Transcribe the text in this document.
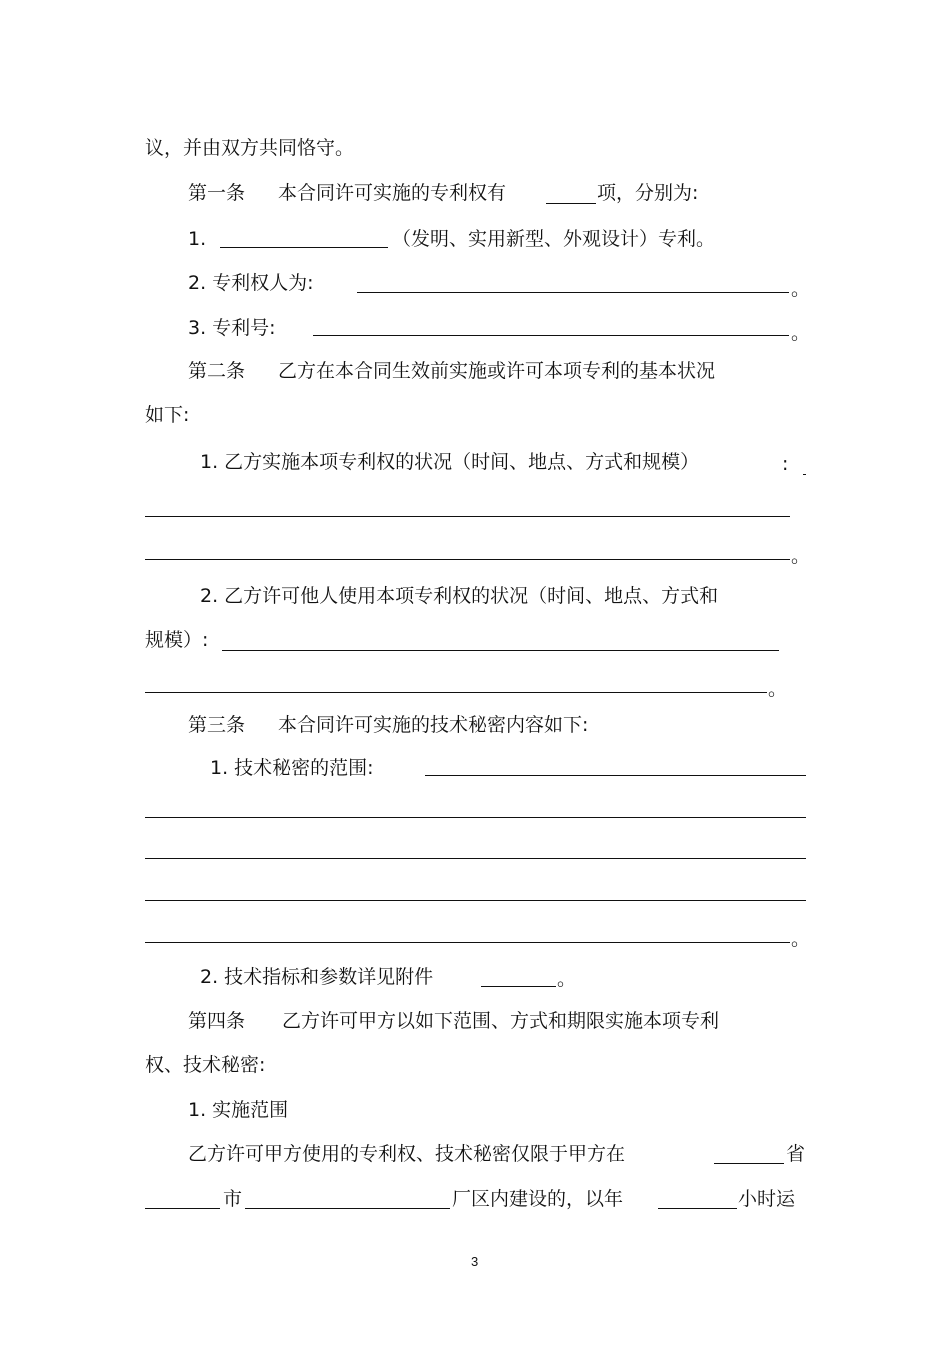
议，并由双方共同恪守。

第一条 本合同许可实施的专利权有	项，分别为:

1.	（发明、实用新型、外观设计）专利。

2. 专利权人为:	。

3. 专利号:	。

第二条 乙方在本合同生效前实施或许可本项专利的基本状况

如下:

1. 乙方实施本项专利权的状况（时间、地点、方式和规模）	:

。

2. 乙方许可他人使用本项专利权的状况（时间、地点、方式和

规模）:

。

第三条 本合同许可实施的技术秘密内容如下:

1. 技术秘密的范围:

。

2. 技术指标和参数详见附件	。

第四条 乙方许可甲方以如下范围、方式和期限实施本项专利

权、技术秘密:

1. 实施范围

乙方许可甲方使用的专利权、技术秘密仅限于甲方在	省

市	厂区内建设的，以年	小时运

3
